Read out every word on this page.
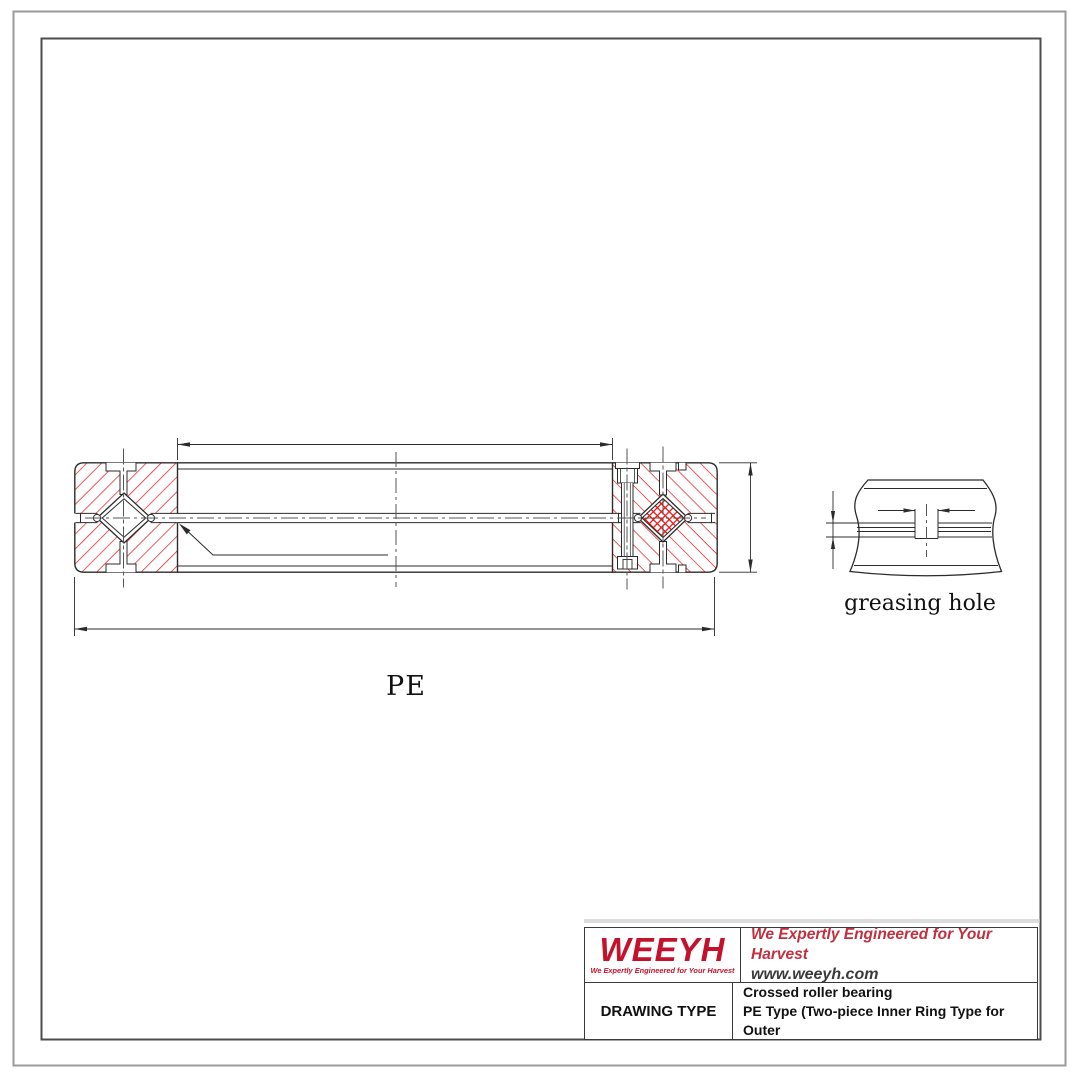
PE
greasing hole
WEEYH
We Expertly Engineered for Your Harvest
We Expertly Engineered for Your Harvest
www.weeyh.com
DRAWING TYPE
Crossed roller bearing
PE Type (Two-piece Inner Ring Type for Outer
